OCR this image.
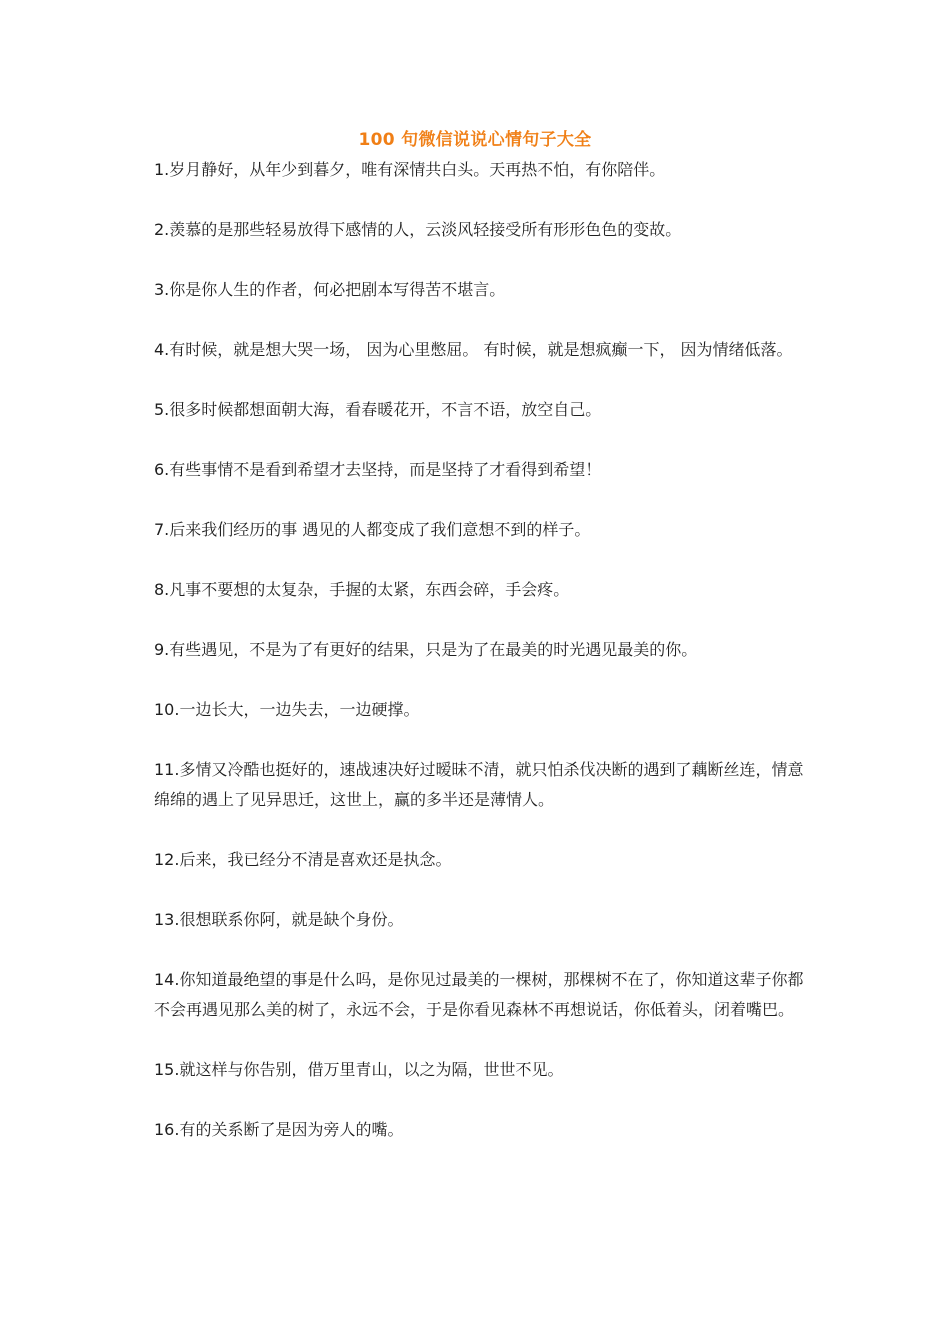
100 句微信说说心情句子大全

1.岁月静好，从年少到暮夕，唯有深情共白头。天再热不怕，有你陪伴。

2.羡慕的是那些轻易放得下感情的人，云淡风轻接受所有形形色色的变故。

3.你是你人生的作者，何必把剧本写得苦不堪言。

4.有时候，就是想大哭一场， 因为心里憋屈。 有时候，就是想疯癫一下， 因为情绪低落。

5.很多时候都想面朝大海，看春暖花开，不言不语，放空自己。

6.有些事情不是看到希望才去坚持，而是坚持了才看得到希望！

7.后来我们经历的事 遇见的人都变成了我们意想不到的样子。

8.凡事不要想的太复杂，手握的太紧，东西会碎，手会疼。

9.有些遇见，不是为了有更好的结果，只是为了在最美的时光遇见最美的你。

10.一边长大，一边失去，一边硬撑。

11.多情又冷酷也挺好的，速战速决好过暧昧不清，就只怕杀伐决断的遇到了藕断丝连，情意绵绵的遇上了见异思迁，这世上，赢的多半还是薄情人。

12.后来，我已经分不清是喜欢还是执念。

13.很想联系你阿，就是缺个身份。

14.你知道最绝望的事是什么吗，是你见过最美的一棵树，那棵树不在了，你知道这辈子你都不会再遇见那么美的树了，永远不会，于是你看见森林不再想说话，你低着头，闭着嘴巴。

15.就这样与你告别，借万里青山，以之为隔，世世不见。

16.有的关系断了是因为旁人的嘴。
